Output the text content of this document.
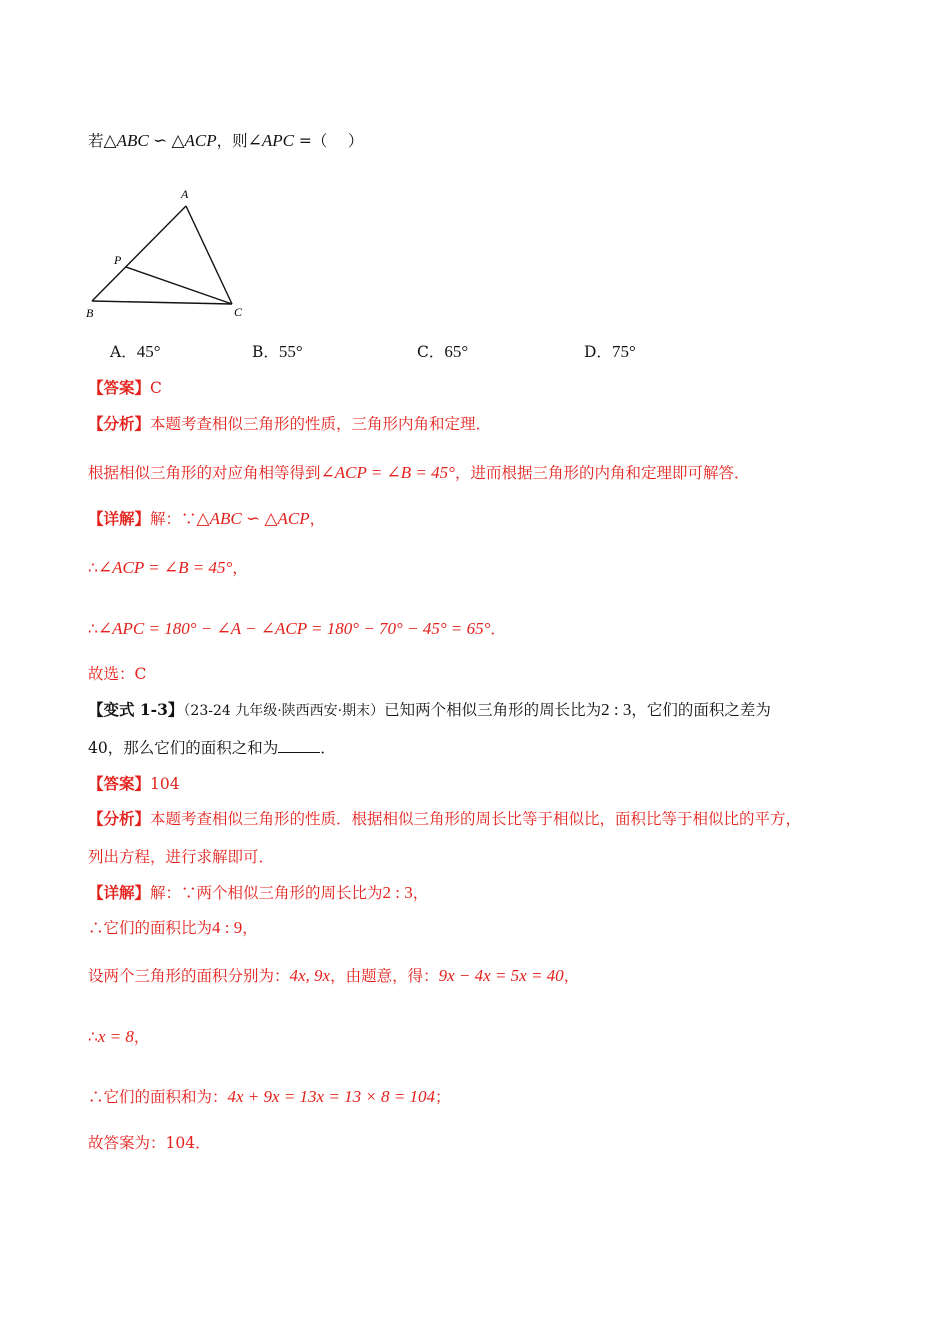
若△ABC ∽ △ACP，则∠APC =（　 ）
A
B	C
P
A．45°	B．55°	C．65°	D．75°
【答案】C
【分析】本题考查相似三角形的性质，三角形内角和定理．
根据相似三角形的对应角相等得到∠ACP = ∠B = 45°，进而根据三角形的内角和定理即可解答．
【详解】解：∵△ABC ∽ △ACP，
∴∠ACP = ∠B = 45°，
∴∠APC = 180° − ∠A − ∠ACP = 180° − 70° − 45° = 65°．
故选：C
【变式 1-3】（23-24 九年级·陕西西安·期末）已知两个相似三角形的周长比为2 : 3，它们的面积之差为
40，那么它们的面积之和为	．
【答案】104
【分析】本题考查相似三角形的性质．根据相似三角形的周长比等于相似比，面积比等于相似比的平方，
列出方程，进行求解即可．
【详解】解：∵两个相似三角形的周长比为2 : 3，
∴它们的面积比为4 : 9，
设两个三角形的面积分别为：4x, 9x，由题意，得：9x − 4x = 5x = 40，
∴x = 8，
∴它们的面积和为：4x + 9x = 13x = 13 × 8 = 104；
故答案为：104．
